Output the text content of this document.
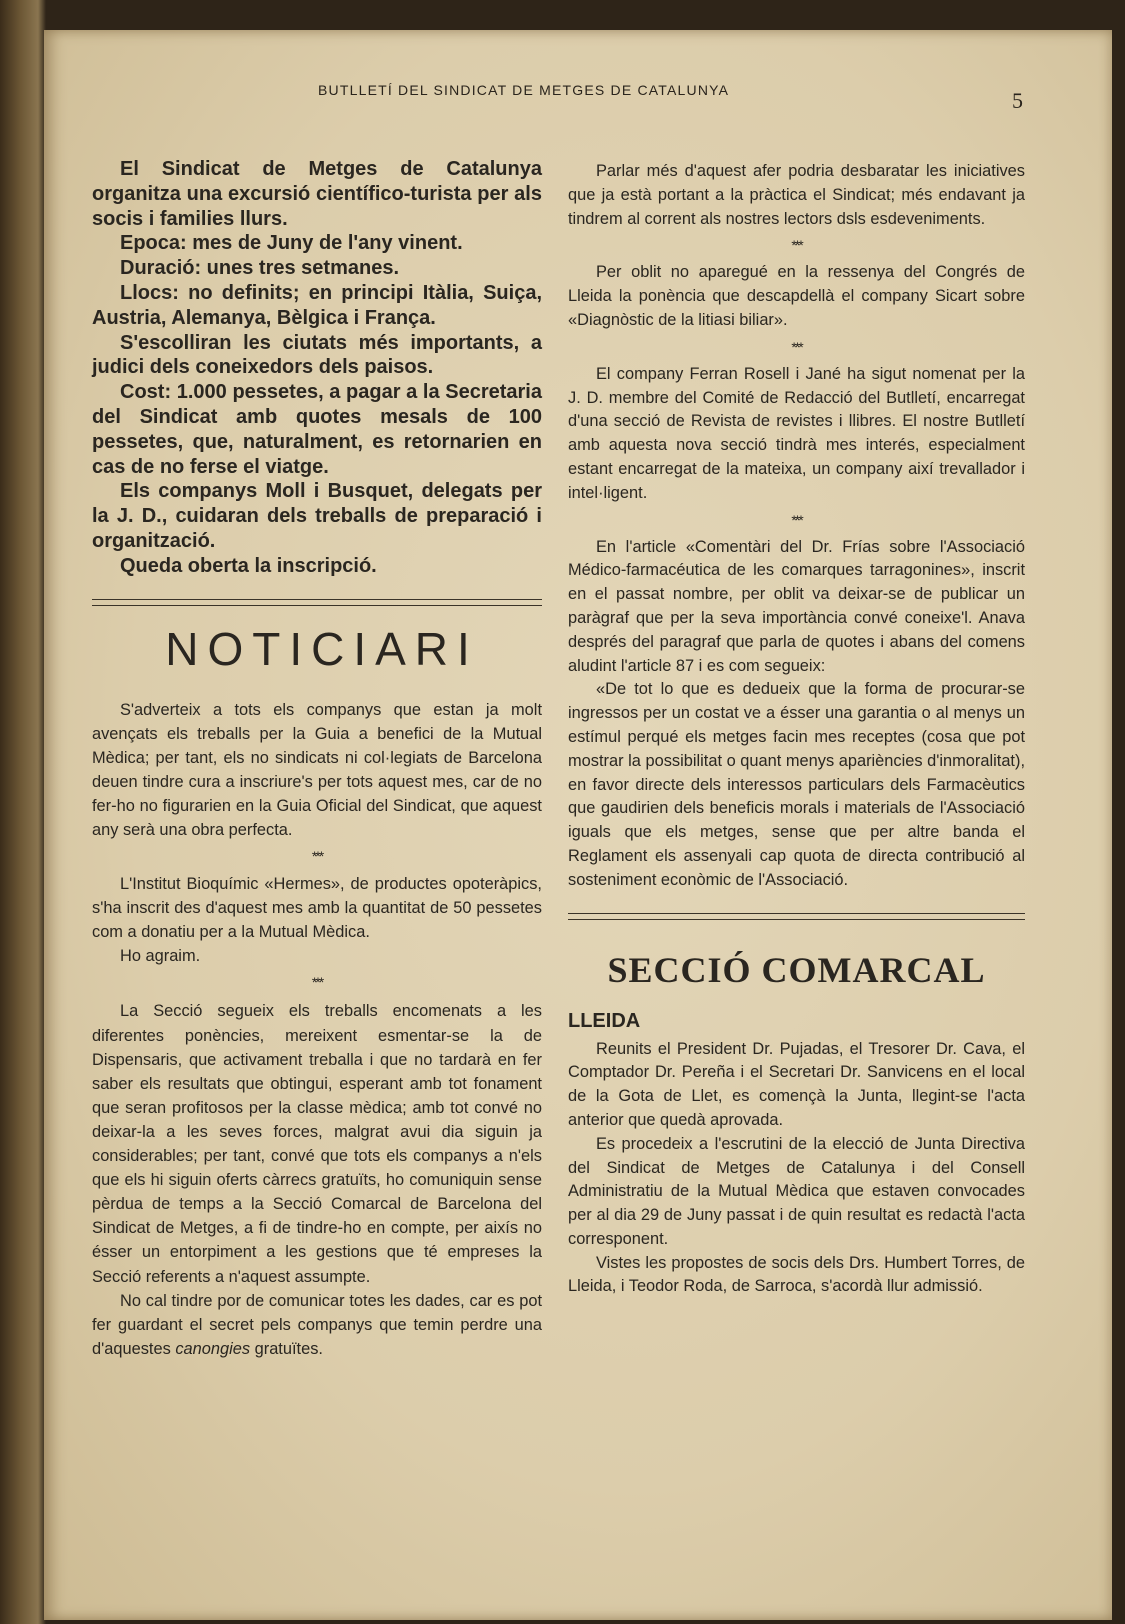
BUTLLETÍ DEL SINDICAT DE METGES DE CATALUNYA	5

El Sindicat de Metges de Catalunya organitza una excursió científico-turista per als socis i families llurs.

Epoca: mes de Juny de l'any vinent.

Duració: unes tres setmanes.

Llocs: no definits; en principi Itàlia, Suiça, Austria, Alemanya, Bèlgica i França.

S'escolliran les ciutats més importants, a judici dels coneixedors dels paisos.

Cost: 1.000 pessetes, a pagar a la Secretaria del Sindicat amb quotes mesals de 100 pessetes, que, naturalment, es retornarien en cas de no ferse el viatge.

Els companys Moll i Busquet, delegats per la J. D., cuidaran dels treballs de preparació i organització.

Queda oberta la inscripció.

NOTICIARI

S'adverteix a tots els companys que estan ja molt avençats els treballs per la Guia a benefici de la Mutual Mèdica; per tant, els no sindicats ni col·legiats de Barcelona deuen tindre cura a inscriure's per tots aquest mes, car de no fer-ho no figurarien en la Guia Oficial del Sindicat, que aquest any serà una obra perfecta.

***

L'Institut Bioquímic «Hermes», de productes opoteràpics, s'ha inscrit des d'aquest mes amb la quantitat de 50 pessetes com a donatiu per a la Mutual Mèdica.

Ho agraim.

***

La Secció segueix els treballs encomenats a les diferentes ponències, mereixent esmentar-se la de Dispensaris, que activament treballa i que no tardarà en fer saber els resultats que obtingui, esperant amb tot fonament que seran profitosos per la classe mèdica; amb tot convé no deixar-la a les seves forces, malgrat avui dia siguin ja considerables; per tant, convé que tots els companys a n'els que els hi siguin oferts càrrecs gratuïts, ho comuniquin sense pèrdua de temps a la Secció Comarcal de Barcelona del Sindicat de Metges, a fi de tindre-ho en compte, per aixís no ésser un entorpiment a les gestions que té empreses la Secció referents a n'aquest assumpte.

No cal tindre por de comunicar totes les dades, car es pot fer guardant el secret pels companys que temin perdre una d'aquestes canongies gratuïtes.

Parlar més d'aquest afer podria desbaratar les iniciatives que ja està portant a la pràctica el Sindicat; més endavant ja tindrem al corrent als nostres lectors dsls esdeveniments.

***

Per oblit no aparegué en la ressenya del Congrés de Lleida la ponència que descapdellà el company Sicart sobre «Diagnòstic de la litiasi biliar».

***

El company Ferran Rosell i Jané ha sigut nomenat per la J. D. membre del Comité de Redacció del Butlletí, encarregat d'una secció de Revista de revistes i llibres. El nostre Butlletí amb aquesta nova secció tindrà mes interés, especialment estant encarregat de la mateixa, un company així trevallador i intel·ligent.

***

En l'article «Comentàri del Dr. Frías sobre l'Associació Médico-farmacéutica de les comarques tarragonines», inscrit en el passat nombre, per oblit va deixar-se de publicar un paràgraf que per la seva importància convé coneixe'l. Anava després del paragraf que parla de quotes i abans del comens aludint l'article 87 i es com segueix:

«De tot lo que es dedueix que la forma de procurar-se ingressos per un costat ve a ésser una garantia o al menys un estímul perqué els metges facin mes receptes (cosa que pot mostrar la possibilitat o quant menys apariències d'inmoralitat), en favor directe dels interessos particulars dels Farmacèutics que gaudirien dels beneficis morals i materials de l'Associació iguals que els metges, sense que per altre banda el Reglament els assenyali cap quota de directa contribució al sosteniment econòmic de l'Associació.

SECCIÓ COMARCAL
LLEIDA

Reunits el President Dr. Pujadas, el Tresorer Dr. Cava, el Comptador Dr. Pereña i el Secretari Dr. Sanvicens en el local de la Gota de Llet, es començà la Junta, llegint-se l'acta anterior que quedà aprovada.

Es procedeix a l'escrutini de la elecció de Junta Directiva del Sindicat de Metges de Catalunya i del Consell Administratiu de la Mutual Mèdica que estaven convocades per al dia 29 de Juny passat i de quin resultat es redactà l'acta corresponent.

Vistes les propostes de socis dels Drs. Humbert Torres, de Lleida, i Teodor Roda, de Sarroca, s'acordà llur admissió.
